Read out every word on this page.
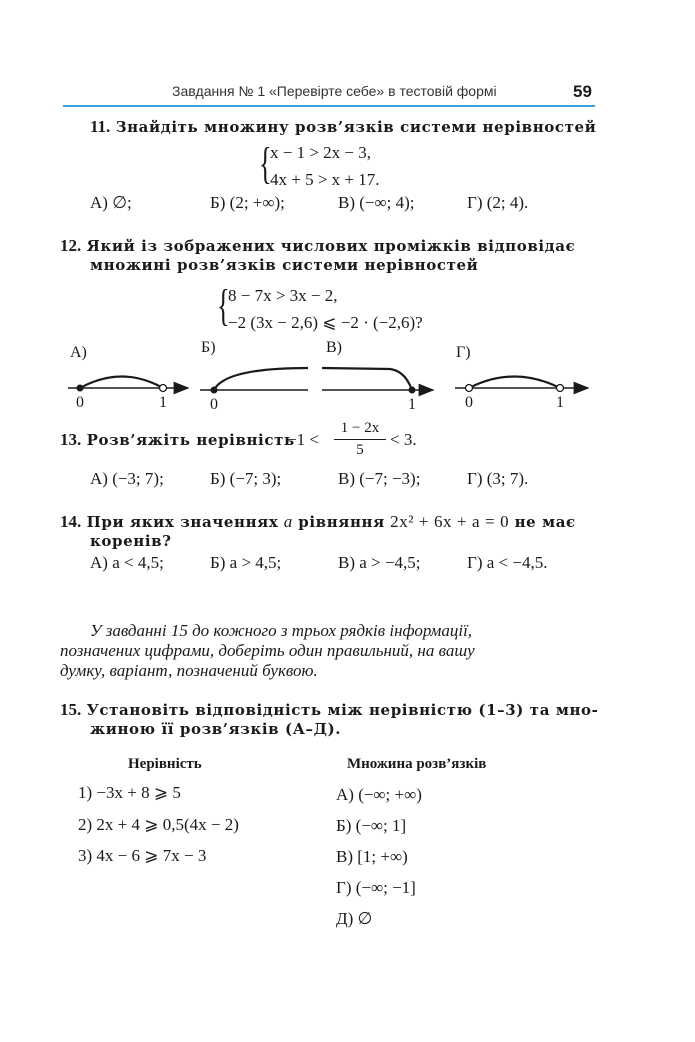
Завдання № 1 «Перевірте себе» в тестовій формі	59
11. Знайдіть множину розв’язків системи нерівностей
{
x − 1 > 2x − 3,
4x + 5 > x + 17.
А) ∅;	Б) (2; +∞);	В) (−∞; 4);	Г) (2; 4).
12. Який із зображених числових проміжків відповідає
множині розв’язків системи нерівностей
{
8 − 7x > 3x − 2,
−2 (3x − 2,6) ⩽ −2 · (−2,6)?
А)
0	1
Б)
0
В)
1
Г)
0	1
13. Розв’яжіть нерівність
−1 <
1 − 2x
5
< 3.
А) (−3; 7);	Б) (−7; 3);	В) (−7; −3);	Г) (3; 7).
14. При яких значеннях a рівняння 2x² + 6x + a = 0 не має
коренів?
А) a < 4,5;	Б) a > 4,5;	В) a > −4,5;	Г) a < −4,5.
У завданні 15 до кожного з трьох рядків інформації,
позначених цифрами, доберіть один правильний, на вашу
думку, варіант, позначений буквою.
15. Установіть відповідність між нерівністю (1–3) та мно-
жиною її розв’язків (А–Д).
Нерівність	Множина розв’язків
1) −3x + 8 ⩾ 5
2) 2x + 4 ⩾ 0,5(4x − 2)
3) 4x − 6 ⩾ 7x − 3
А) (−∞; +∞)
Б) (−∞; 1]
В) [1; +∞)
Г) (−∞; −1]
Д) ∅
